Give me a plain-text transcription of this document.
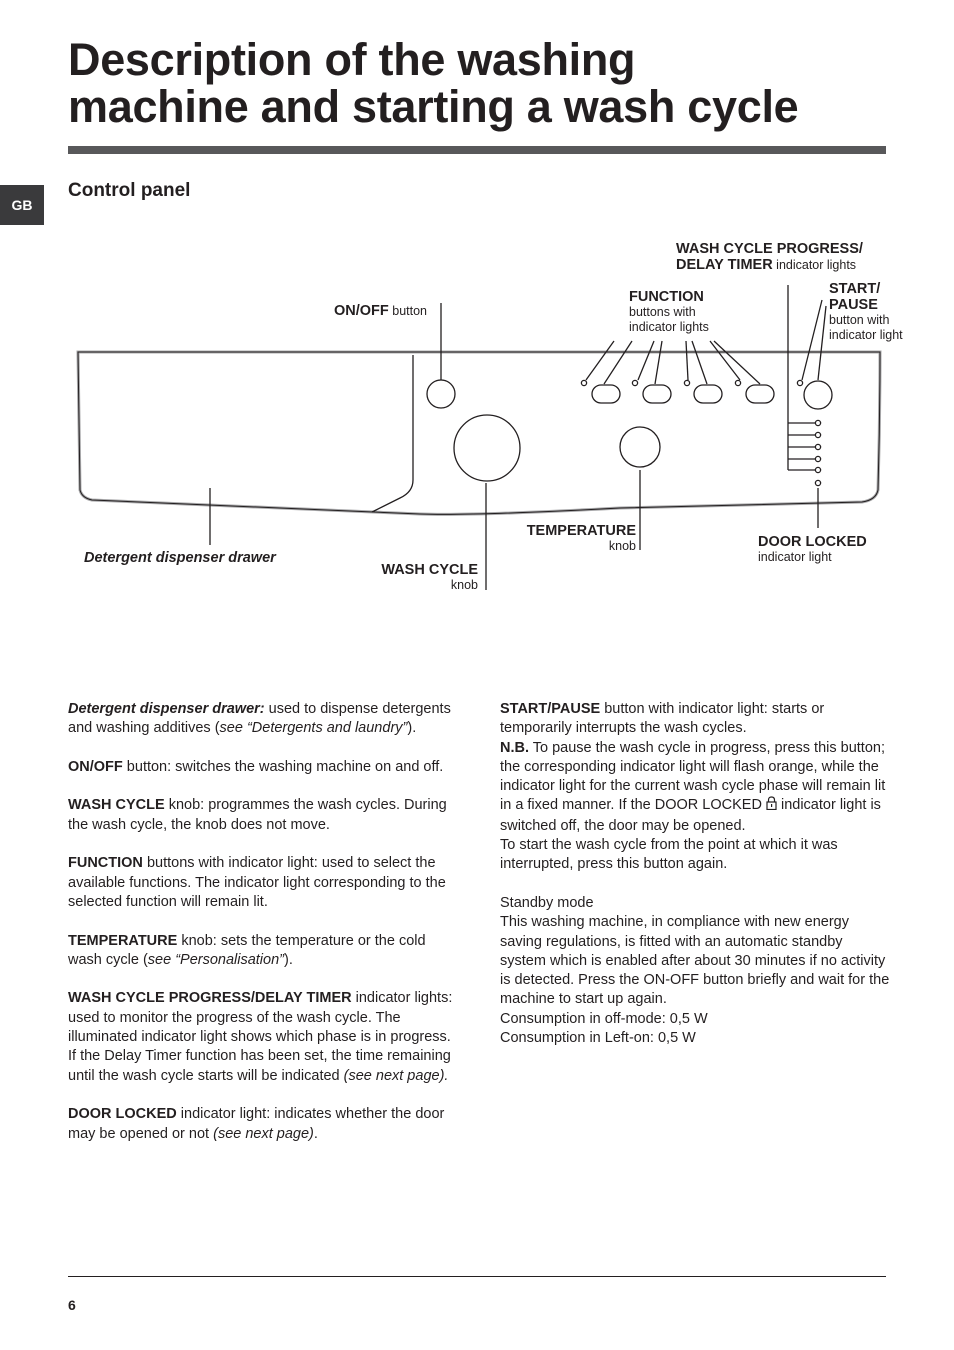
Description of the washing
machine and starting a wash cycle
GB
Control panel
WASH CYCLE PROGRESS/
DELAY TIMER indicator lights
ON/OFF button
FUNCTION
buttons with
indicator lights
START/
PAUSE
button with
indicator light
TEMPERATURE
knob	DOOR LOCKED
indicator light
Detergent dispenser drawer
WASH CYCLE
knob

Detergent dispenser drawer: used to dispense detergents and washing additives (see “Detergents and laundry”).

ON/OFF button: switches the washing machine on and off.

WASH CYCLE knob: programmes the wash cycles. During the wash cycle, the knob does not move.

FUNCTION buttons with indicator light: used to select the available functions. The indicator light corresponding to the selected function will remain lit.

TEMPERATURE knob: sets the temperature or the cold wash cycle (see “Personalisation”).

WASH CYCLE PROGRESS/DELAY TIMER indicator lights: used to monitor the progress of the wash cycle. The illuminated indicator light shows which phase is in progress.

If the Delay Timer function has been set, the time remaining until the wash cycle starts will be indicated (see next page).

DOOR LOCKED indicator light: indicates whether the door may be opened or not (see next page).

START/PAUSE button with indicator light: starts or temporarily interrupts the wash cycles.

N.B. To pause the wash cycle in progress, press this button; the corresponding indicator light will flash orange, while the indicator light for the current wash cycle phase will remain lit in a fixed manner. If the DOOR LOCKED  indicator light is switched off, the door may be opened.

To start the wash cycle from the point at which it was interrupted, press this button again.

Standby mode
This washing machine, in compliance with new energy saving regulations, is fitted with an automatic standby system which is enabled after about 30 minutes if no activity is detected. Press the ON-OFF button briefly and wait for the machine to start up again.
Consumption in off-mode: 0,5 W
Consumption in Left-on: 0,5 W

6
